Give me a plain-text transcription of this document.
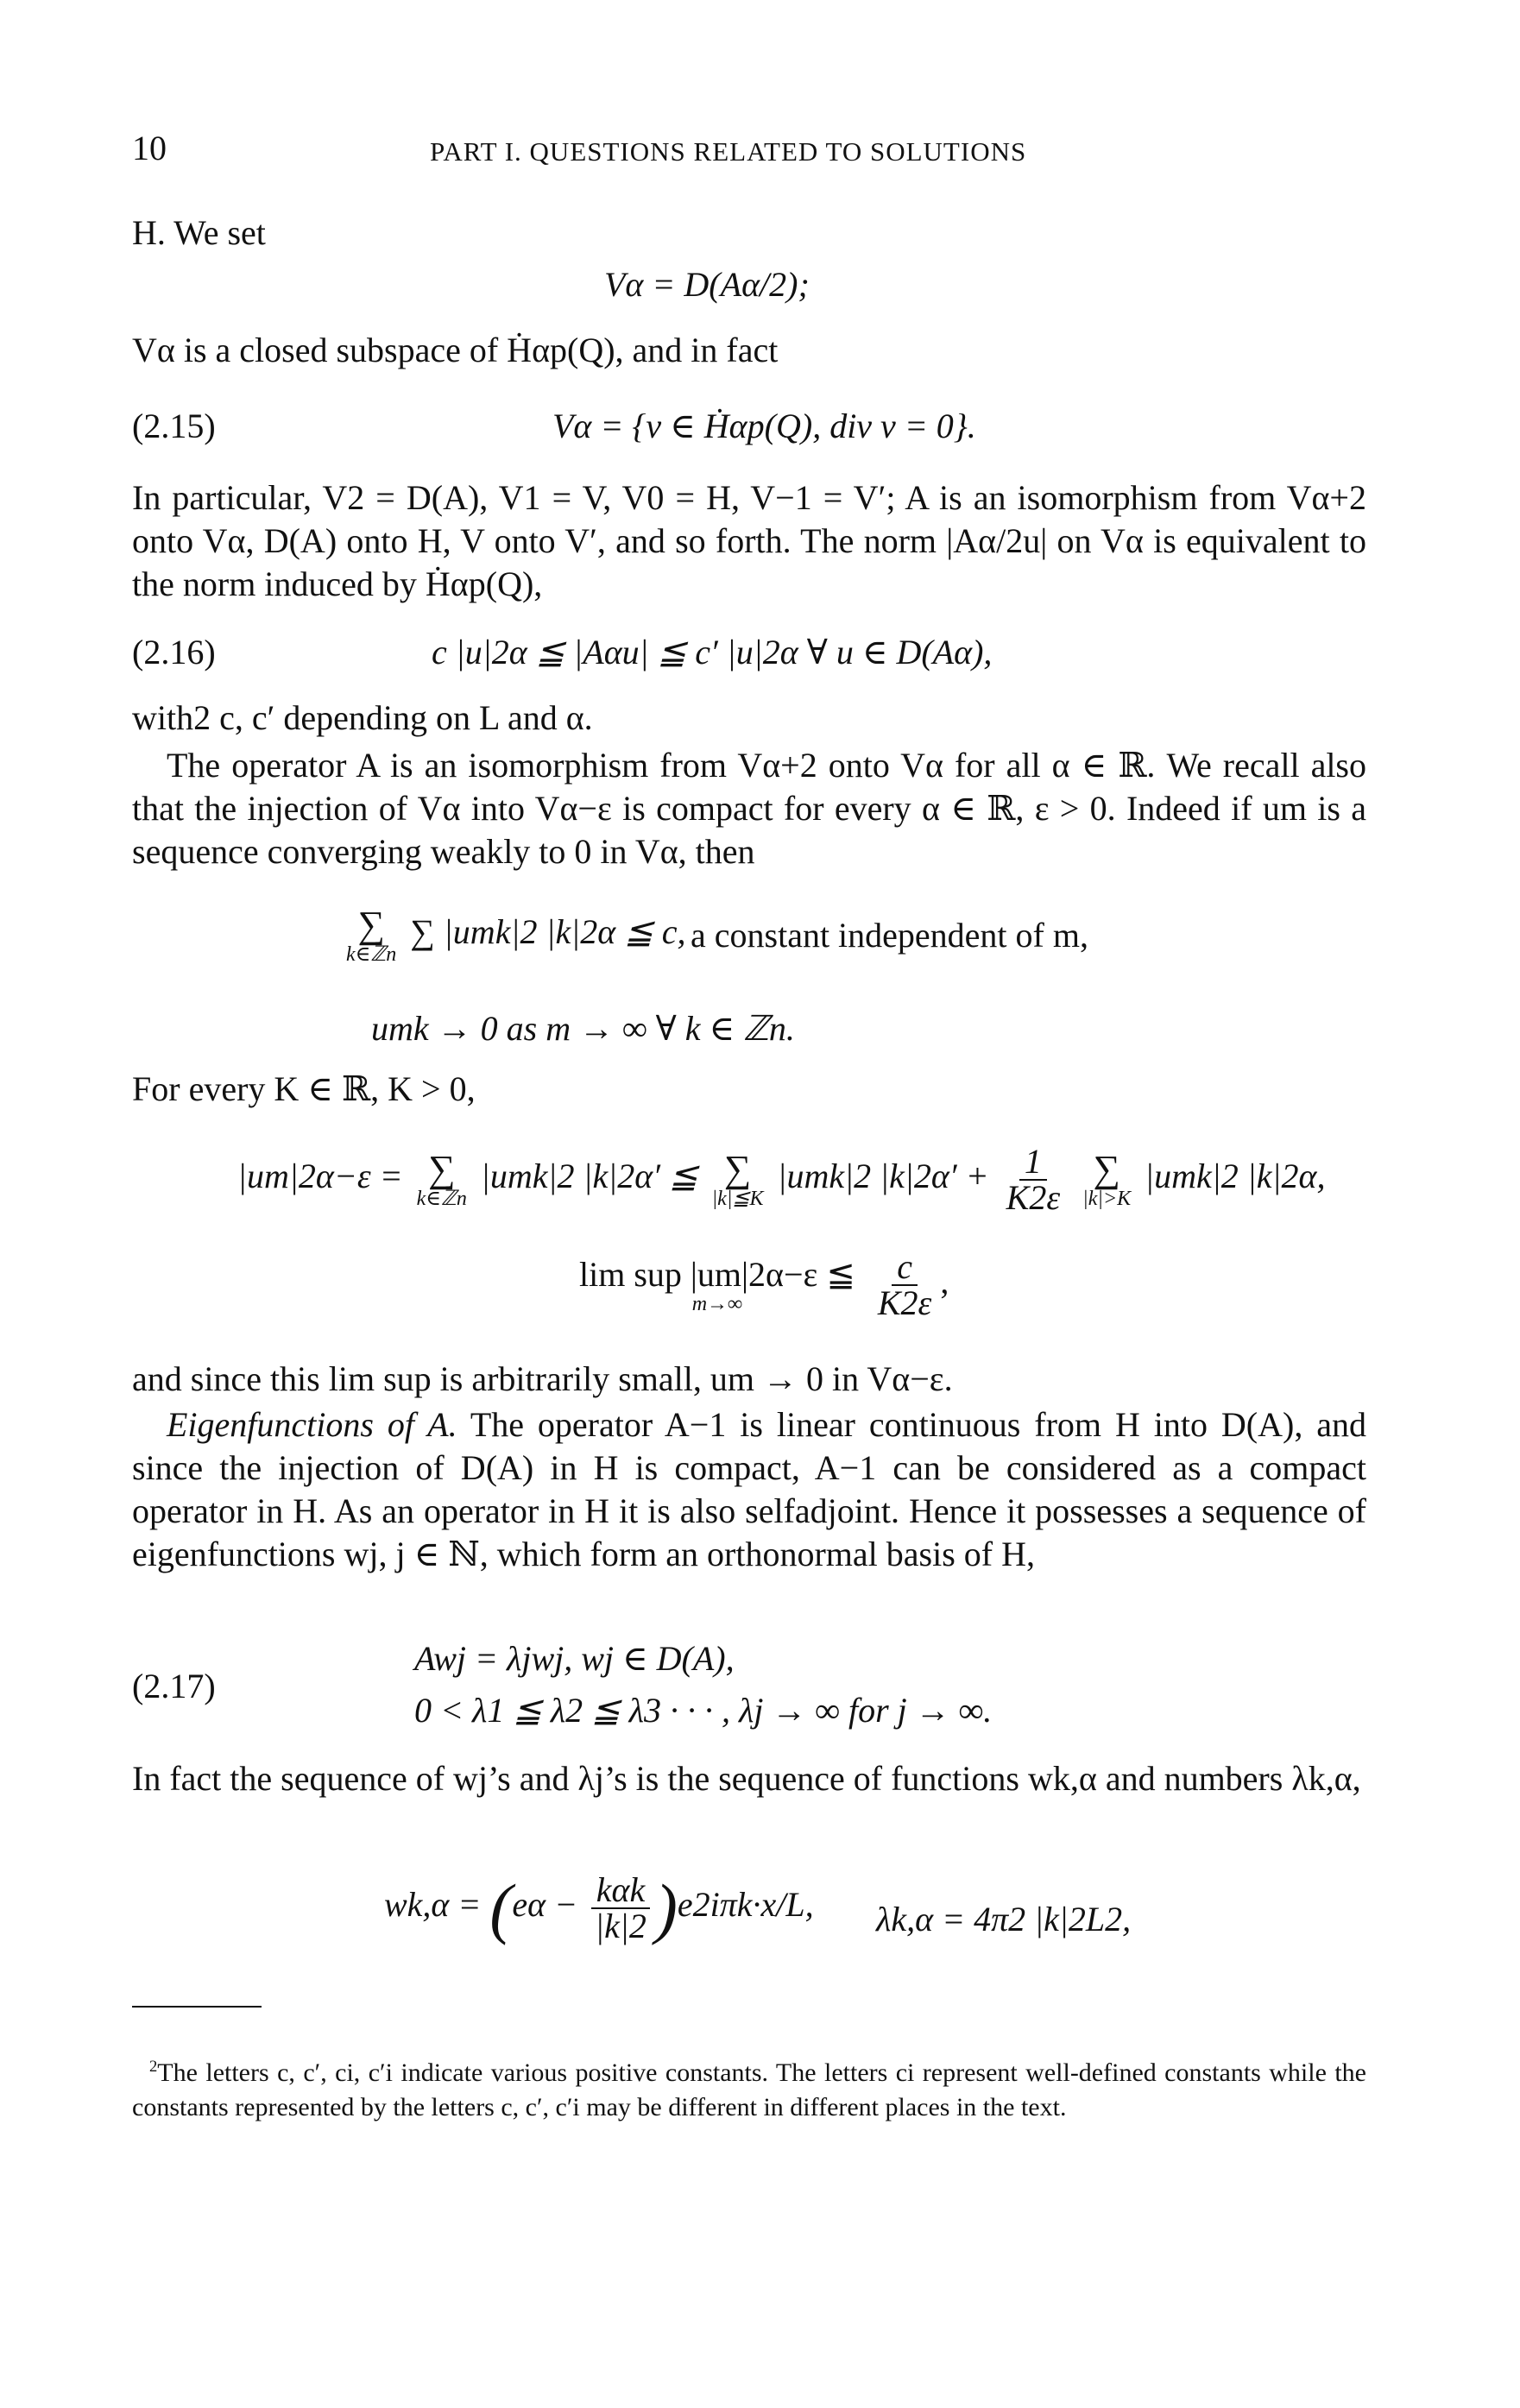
10	PART I. QUESTIONS RELATED TO SOLUTIONS
H. We set
Vα = D(Aα/2);
Vα is a closed subspace of Ḣαp(Q), and in fact
(2.15)	Vα = {v ∈ Ḣαp(Q), div v = 0}.
In particular, V2 = D(A), V1 = V, V0 = H, V−1 = V′; A is an isomorphism from Vα+2 onto Vα, D(A) onto H, V onto V′, and so forth. The norm |Aα/2u| on Vα is equivalent to the norm induced by Ḣαp(Q),
(2.16)	c |u|2α ≦ |Aαu| ≦ c′ |u|2α ∀ u ∈ D(Aα),
with2 c, c′ depending on L and α.
The operator A is an isomorphism from Vα+2 onto Vα for all α ∈ ℝ. We recall also that the injection of Vα into Vα−ε is compact for every α ∈ ℝ, ε > 0. Indeed if um is a sequence converging weakly to 0 in Vα, then
∑
k∈ℤn
∑ |umk|2 |k|2α ≦ c, a constant independent of m,
umk → 0 as m → ∞ ∀ k ∈ ℤn.
For every K ∈ ℝ, K > 0,
|um|2α−ε = ∑
k∈ℤn
|umk|2 |k|2α′ ≦ ∑
|k|≦K
|umk|2 $|k|2\alpha' + \frac{1}{K2\varepsilon}$
∑
|k|>K
|umk|2 |k|2α,
lim sup |um|2α−ε ≦
m→∞
	$\frac{c}{K2\varepsilon}$ ,
and since this lim sup is arbitrarily small, um → 0 in Vα−ε.
Eigenfunctions of A. The operator A−1 is linear continuous from H into D(A), and since the injection of D(A) in H is compact, A−1 can be considered as a compact operator in H. As an operator in H it is also selfadjoint. Hence it possesses a sequence of eigenfunctions wj, j ∈ ℕ, which form an orthonormal basis of H,
(2.17)
Awj = λjwj, wj ∈ D(A),
0 < λ1 ≦ λ2 ≦ λ3 · · · , λj → ∞ for j → ∞.
In fact the sequence of wj’s and λj’s is the sequence of functions wk,α and numbers λk,α,
$wk,\alpha = (e\alpha - \frac{\text{kαk}}{|k|2} )e2i\pi k\cdot x/L$, λk,α = 4π2 |k|2L2,
$^2$The letters c, c′, ci, c′i indicate various positive constants. The letters ci represent well-defined constants while the constants represented by the letters c, c′, c′i may be different in different places in the text.
